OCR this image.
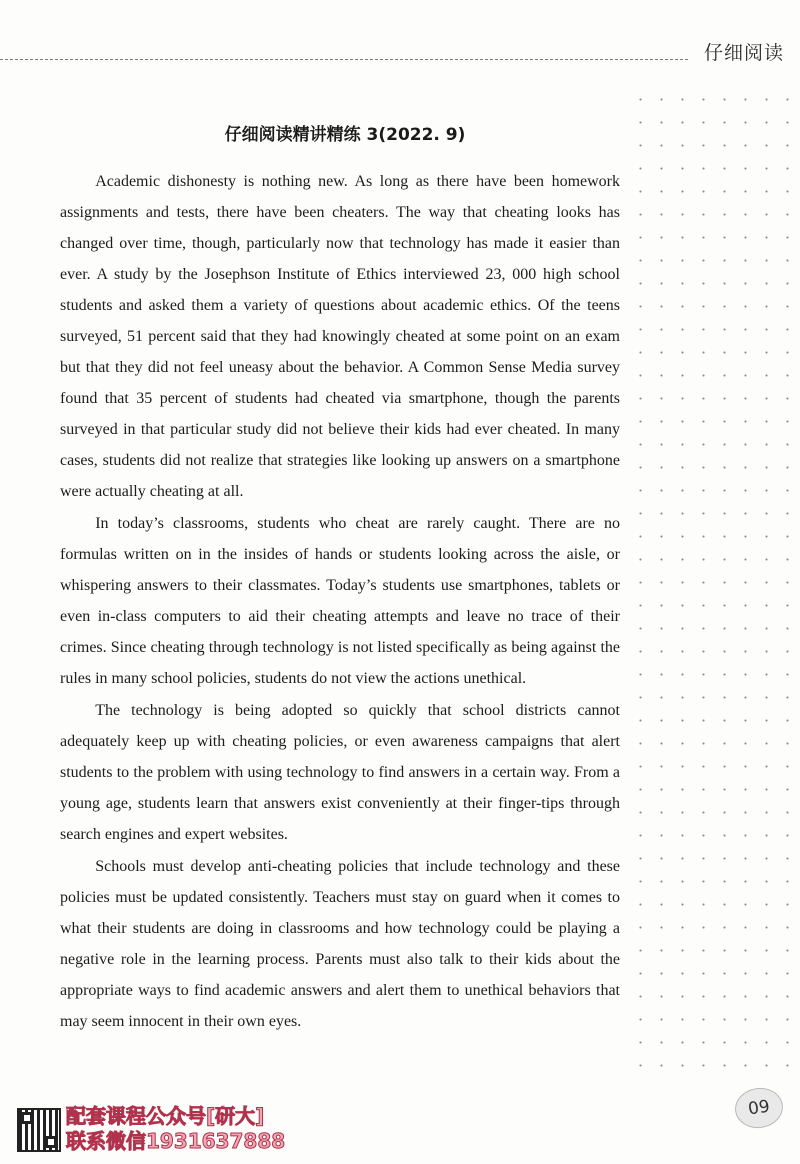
仔细阅读
仔细阅读精讲精练 3(2022. 9)

Academic dishonesty is nothing new. As long as there have been homework assignments and tests, there have been cheaters. The way that cheating looks has changed over time, though, particularly now that technology has made it easier than ever. A study by the Josephson Institute of Ethics interviewed 23, 000 high school students and asked them a variety of questions about academic ethics. Of the teens surveyed, 51 percent said that they had knowingly cheated at some point on an exam but that they did not feel uneasy about the behavior. A Common Sense Media survey found that 35 percent of students had cheated via smartphone, though the parents surveyed in that particular study did not believe their kids had ever cheated. In many cases, students did not realize that strategies like looking up answers on a smartphone were actually cheating at all.

In today’s classrooms, students who cheat are rarely caught. There are no formulas written on in the insides of hands or students looking across the aisle, or whispering answers to their classmates. Today’s students use smartphones, tablets or even in-class computers to aid their cheating attempts and leave no trace of their crimes. Since cheating through technology is not listed specifically as being against the rules in many school policies, students do not view the actions unethical.

The technology is being adopted so quickly that school districts cannot adequately keep up with cheating policies, or even awareness campaigns that alert students to the problem with using technology to find answers in a certain way. From a young age, students learn that answers exist conveniently at their finger-tips through search engines and expert websites.

Schools must develop anti-cheating policies that include technology and these policies must be updated consistently. Teachers must stay on guard when it comes to what their students are doing in classrooms and how technology could be playing a negative role in the learning process. Parents must also talk to their kids about the appropriate ways to find academic answers and alert them to unethical behaviors that may seem innocent in their own eyes.

配套课程公众号[研大]
联系微信1931637888
09
